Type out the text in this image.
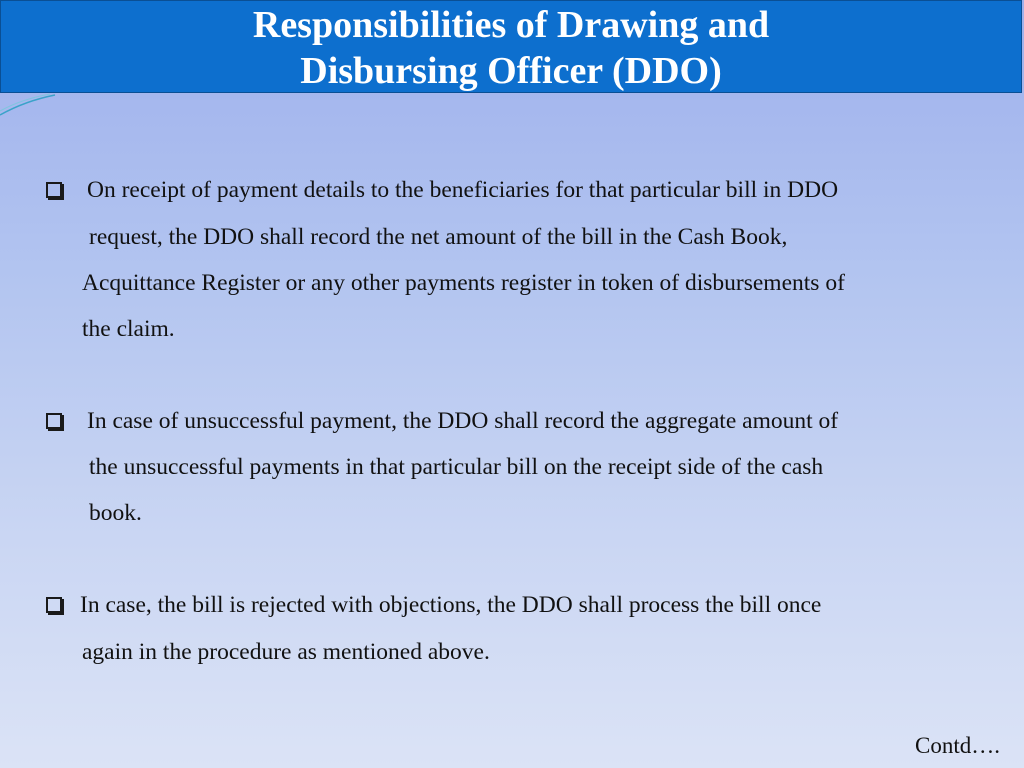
Responsibilities of Drawing and
Disbursing Officer (DDO)
On receipt of payment details to the beneficiaries for that particular bill in DDO
request, the DDO shall record the net amount of the bill in the Cash Book,
Acquittance Register or any other payments register in token of disbursements of
the claim.
In case of unsuccessful payment, the DDO shall record the aggregate amount of
the unsuccessful payments in that particular bill on the receipt side of the cash
book.
In case, the bill is rejected with objections, the DDO shall process the bill once
again in the procedure as mentioned above.
Contd….
